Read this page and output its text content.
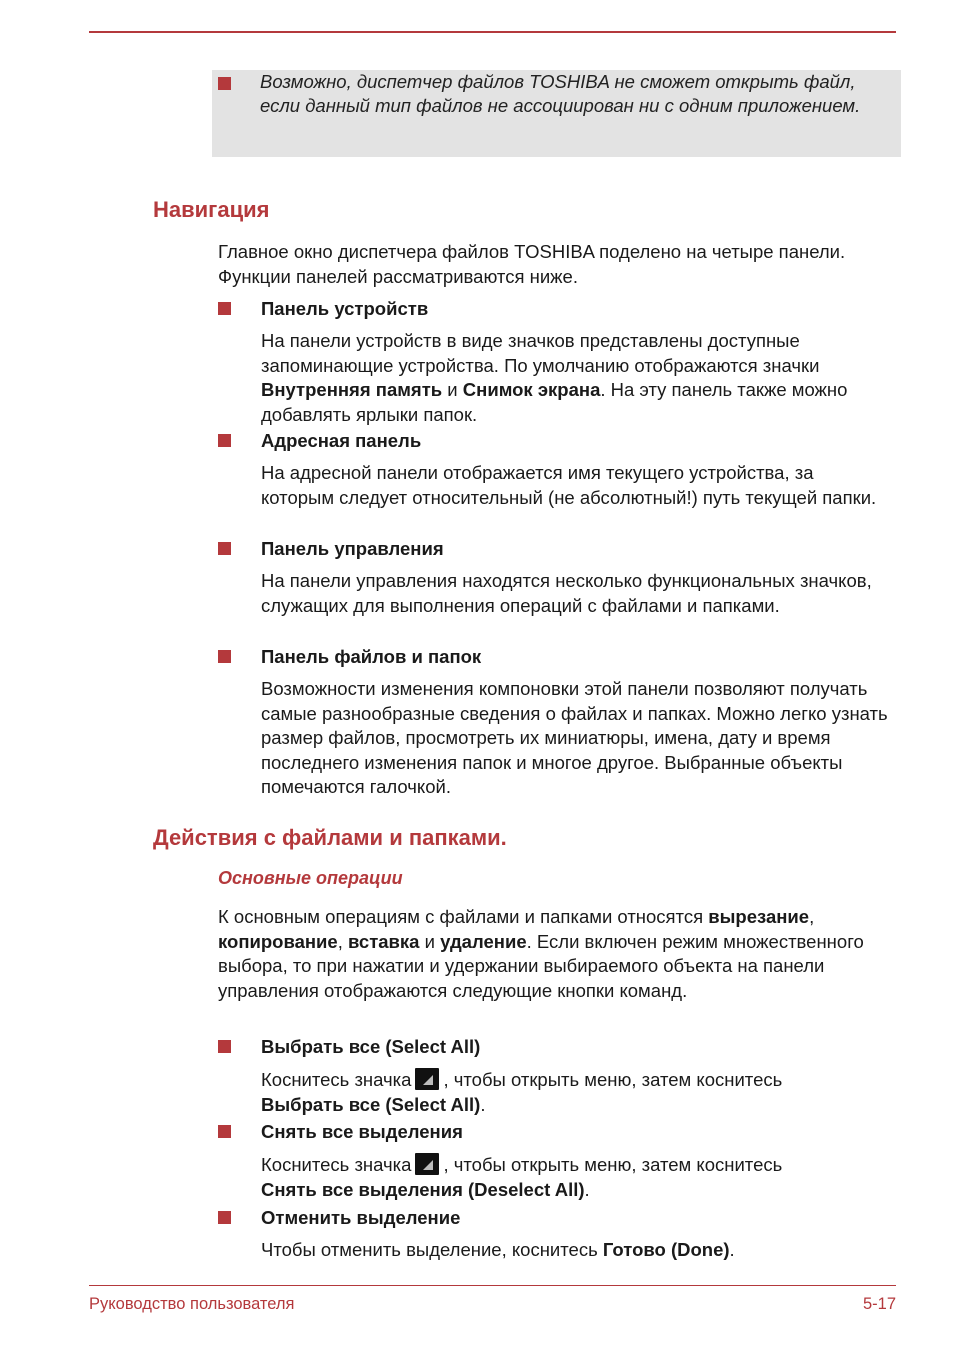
Возможно, диспетчер файлов TOSHIBA не сможет открыть файл, если данный тип файлов не ассоциирован ни с одним приложением.
Навигация
Главное окно диспетчера файлов TOSHIBA поделено на четыре панели. Функции панелей рассматриваются ниже.
Панель устройств
На панели устройств в виде значков представлены доступные запоминающие устройства. По умолчанию отображаются значки Внутренняя память и Снимок экрана. На эту панель также можно добавлять ярлыки папок.
Адресная панель
На адресной панели отображается имя текущего устройства, за которым следует относительный (не абсолютный!) путь текущей папки.
Панель управления
На панели управления находятся несколько функциональных значков, служащих для выполнения операций с файлами и папками.
Панель файлов и папок
Возможности изменения компоновки этой панели позволяют получать самые разнообразные сведения о файлах и папках. Можно легко узнать размер файлов, просмотреть их миниатюры, имена, дату и время последнего изменения папок и многое другое. Выбранные объекты помечаются галочкой.
Действия с файлами и папками.
Основные операции
К основным операциям с файлами и папками относятся вырезание, копирование, вставка и удаление. Если включен режим множественного выбора, то при нажатии и удержании выбираемого объекта на панели управления отображаются следующие кнопки команд.
Выбрать все (Select All)
Коснитесь значка , чтобы открыть меню, затем коснитесь
Выбрать все (Select All).
Снять все выделения
Коснитесь значка , чтобы открыть меню, затем коснитесь
Снять все выделения (Deselect All).
Отменить выделение
Чтобы отменить выделение, коснитесь Готово (Done).
Руководство пользователя	5-17
